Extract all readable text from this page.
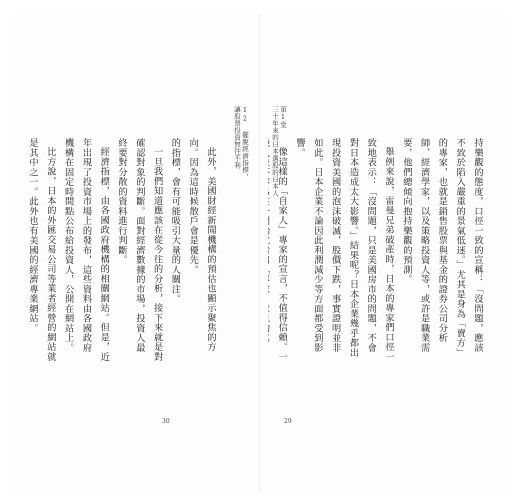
12 擺脫經濟指標，
讓股票投資無往不利

此外，美國財經新聞機構的預估也顯示聚焦的方向。因為這時候散戶會是優先。

的指標，會有可能吸引大量的人關注。

一旦我們知道應該在從今往的分析，接下來就是對確認對象的判斷。面對經濟數據的市場，投資人最終要對分散的資料進行判斷。

經濟指標，由各國政府機構的相關網站。但是，近年出現了投資市場上的發布，這些資料由各國政府機構在固定時間點公布給投資人，公開在網站上。

比方說，日本的外匯交易公司等業者經營的網站就是其中之一。此外也有美國的經濟專業網站。

30
第1堂
三十年來的日本選股的日本人	持樂觀的態度，口徑一致的宣稱：「沒問題，應該不致於陷入嚴重的景氣低迷。」尤其是身為「賣方」的專家，也就是銷售股票與基金的證券公司分析師、經濟學家，以及策略投資人等，或許是職業需要，他們總傾向抱持樂觀的預測。

舉例來說，雷曼兄弟破產時，日本的專家們口徑一致地表示：「沒問題，只是美國房市的問題，不會對日本造成太大影響。」結果呢？日本企業幾乎都出現投資美國的泡沫破滅，股價下跌，事實證明並非如此。日本企業不論因此利潤減少等方面都受到影響。

像這樣的「自家人」專家的宣言，不值得信賴。一

29
